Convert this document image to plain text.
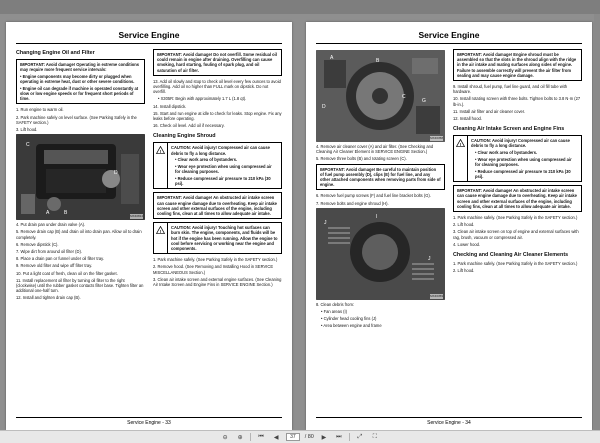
Service Engine
Changing Engine Oil and Filter
IMPORTANT: Avoid damage! Operating in extreme conditions may require more frequent service intervals:
• Engine components may become dirty or plugged when operating in extreme heat, dust or other severe conditions.
• Engine oil can degrade if machine is operated constantly at slow or low engine speeds or for frequent short periods of time.

1. Run engine to warm oil.

2. Park machine safely on level surface. (See Parking Safely in the SAFETY section.)

3. Lift hood.

C
D
A	B	MX40814

4. Put drain pan under drain valve (A).

5. Remove drain cap (B) and drain oil into drain pan. Allow oil to drain completely.

6. Remove dipstick (C).

7. Wipe dirt from around oil filter (D).

8. Place a drain pan or funnel under oil filter tray.

9. Remove old filter and wipe off filter tray.

10. Put a light coat of fresh, clean oil on the filter gasket.

11. Install replacement oil filter by turning oil filter to the right (clockwise) until the rubber gasket contacts filter base. Tighten filter an additional one-half turn.

12. Install and tighten drain cap (B).

IMPORTANT: Avoid damage! Do not overfill. Some residual oil could remain in engine after draining. Overfilling can cause smoking, hard starting, fouling of spark plug, and oil saturation of air filter.

13. Add oil slowly and stop to check oil level every few ounces to avoid overfilling. Add oil no higher than FULL mark on dipstick. Do not overfill.

• X305R: Begin with approximately 1.7 L (1.8 qt).

14. Install dipstick.

15. Start and run engine at idle to check for leaks. Stop engine. Fix any leaks before operating.

16. Check oil level. Add oil if necessary.

Cleaning Engine Shroud
!
CAUTION: Avoid injury! Compressed air can cause debris to fly a long distance.
• Clear work area of bystanders.
• Wear eye protection when using compressed air for cleaning purposes.
• Reduce compressed air pressure to 210 kPa (30 psi).
IMPORTANT: Avoid damage! An obstructed air intake screen can cause engine damage due to overheating. Keep air intake screen and other external surfaces of the engine, including cooling fins, clean at all times to allow adequate air intake.
!
CAUTION: Avoid injury! Touching hot surfaces can burn skin. The engine, components, and fluids will be hot if the engine has been running. Allow the engine to cool before servicing or working near the engine and components.

1. Park machine safely. (See Parking Safely in the SAFETY section.)

2. Remove hood. (See Removing and Installing Hood in SERVICE MISCELLANEOUS Section.)

3. Clean air intake screen and external engine surfaces. (See Cleaning Air Intake Screen and Engine Fins in SERVICE ENGINE Section.)

Service Engine - 33
Service Engine
A	B
C
D
G
MX46358

4. Remove air cleaner cover (A) and air filter. (See Checking and Cleaning Air Cleaner Element in SERVICE ENGINE Section.)

5. Remove three bolts (B) and rotating screen (C).

IMPORTANT: Avoid damage! Be careful to maintain position of fuel pump assembly (D), clips (E) for fuel line, and any other attached components when removing parts from side of engine.

6. Remove fuel pump screws (F) and fuel line bracket bolts (G).

7. Remove bolts and engine shroud (H).

I
J
J
MX46359

8. Clean debris from:

• Fan areas (I)

• Cylinder head cooling fins (J)

• Area between engine and frame

IMPORTANT: Avoid damage! Engine shroud must be assembled so that the slots in the shroud align with the ridge in the air intake and mating surfaces along sides of engine. Failure to assemble correctly will prevent the air filter from sealing and may cause engine damage.

9. Install shroud, fuel pump, fuel line guard, and oil fill tube with hardware.

10. Install rotating screen with three bolts. Tighten bolts to 3.8 N·m (27 lb-in.).

11. Install air filter and air cleaner cover.

12. Install hood.

Cleaning Air Intake Screen and Engine Fins
!
CAUTION: Avoid injury! Compressed air can cause debris to fly a long distance.
• Clear work area of bystanders.
• Wear eye protection when using compressed air for cleaning purposes.
• Reduce compressed air pressure to 210 kPa (30 psi).
IMPORTANT: Avoid damage! An obstructed air intake screen can cause engine damage due to overheating. Keep air intake screen and other external surfaces of the engine, including cooling fins, clean at all times to allow adequate air intake.

1. Park machine safely. (See Parking Safely in the SAFETY section.)

2. Lift hood.

3. Clean air intake screen on top of engine and external surfaces with rag, brush, vacuum or compressed air.

4. Lower hood.

Checking and Cleaning Air Cleaner Elements

1. Park machine safely. (See Parking Safely in the SAFETY section.)

2. Lift hood.

Service Engine - 34
⊖	⊕	⏮	◀	37	/ 80	▶	⏭	⤢	⛶
